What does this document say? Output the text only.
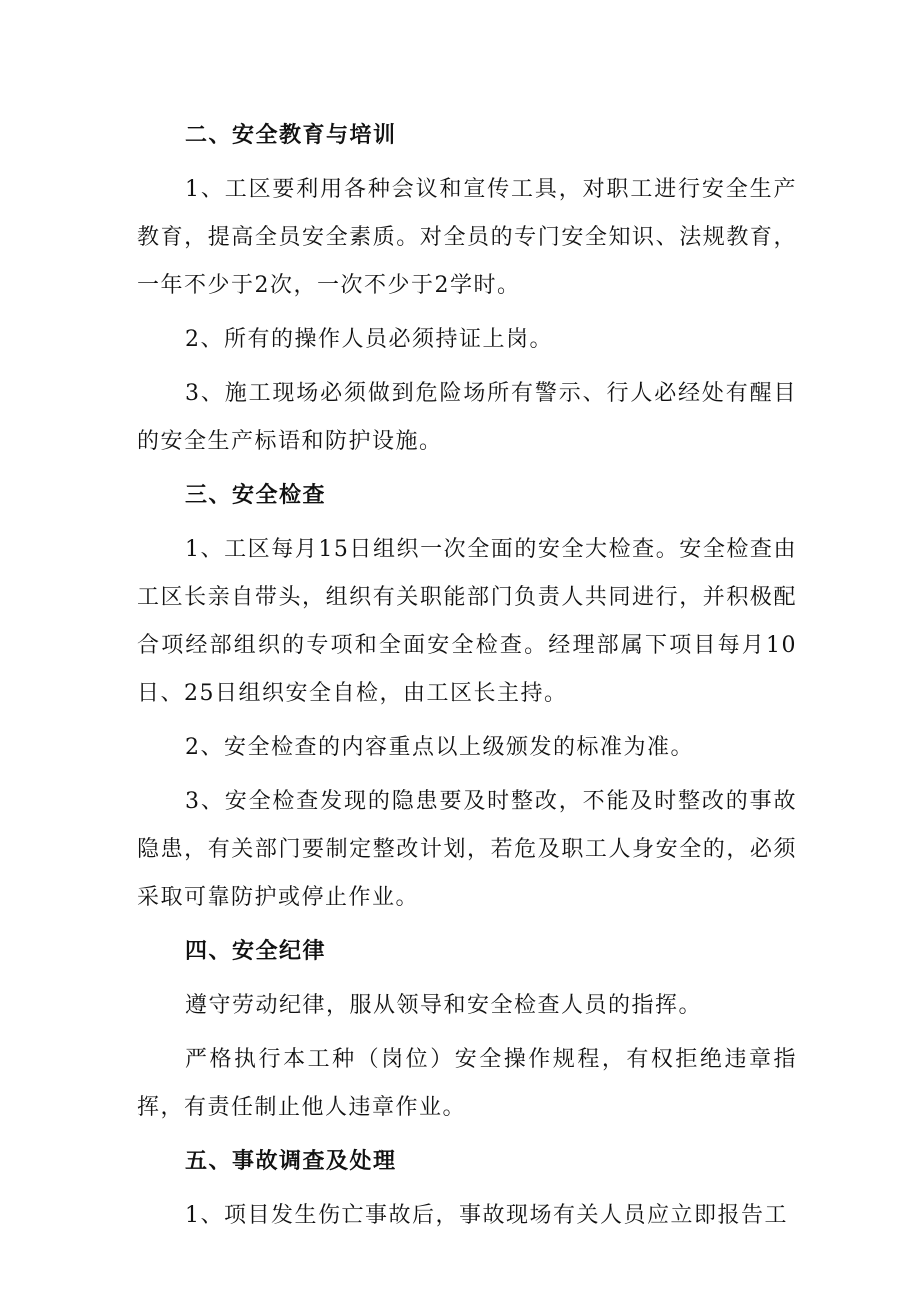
二、安全教育与培训

1、工区要利用各种会议和宣传工具，对职工进行安全生产教育，提高全员安全素质。对全员的专门安全知识、法规教育，一年不少于2次，一次不少于2学时。

2、所有的操作人员必须持证上岗。

3、施工现场必须做到危险场所有警示、行人必经处有醒目的安全生产标语和防护设施。

三、安全检查

1、工区每月15日组织一次全面的安全大检查。安全检查由工区长亲自带头，组织有关职能部门负责人共同进行，并积极配合项经部组织的专项和全面安全检查。经理部属下项目每月10日、25日组织安全自检，由工区长主持。

2、安全检查的内容重点以上级颁发的标准为准。

3、安全检查发现的隐患要及时整改，不能及时整改的事故隐患，有关部门要制定整改计划，若危及职工人身安全的，必须采取可靠防护或停止作业。

四、安全纪律

遵守劳动纪律，服从领导和安全检查人员的指挥。

严格执行本工种（岗位）安全操作规程，有权拒绝违章指挥，有责任制止他人违章作业。

五、事故调查及处理

1、项目发生伤亡事故后，事故现场有关人员应立即报告工
